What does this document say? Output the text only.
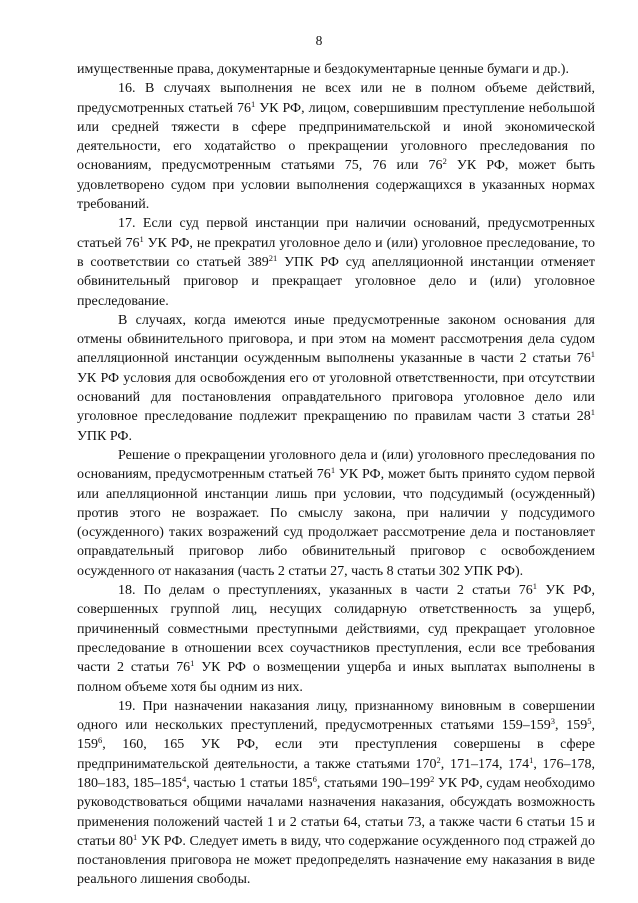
8

имущественные права, документарные и бездокументарные ценные бумаги и др.).

16. В случаях выполнения не всех или не в полном объеме действий, предусмотренных статьей $76^1$ УК РФ, лицом, совершившим преступление небольшой или средней тяжести в сфере предпринимательской и иной экономической деятельности, его ходатайство о прекращении уголовного преследования по основаниям, предусмотренным статьями 75, 76 или $76^2$ УК РФ, может быть удовлетворено судом при условии выполнения содержащихся в указанных нормах требований.

17. Если суд первой инстанции при наличии оснований, предусмотренных статьей $76^1$ УК РФ, не прекратил уголовное дело и (или) уголовное преследование, то в соответствии со статьей $389^{21}$ УПК РФ суд апелляционной инстанции отменяет обвинительный приговор и прекращает уголовное дело и (или) уголовное преследование.

В случаях, когда имеются иные предусмотренные законом основания для отмены обвинительного приговора, и при этом на момент рассмотрения дела судом апелляционной инстанции осужденным выполнены указанные в части 2 статьи $76^1$ УК РФ условия для освобождения его от уголовной ответственности, при отсутствии оснований для постановления оправдательного приговора уголовное дело или уголовное преследование подлежит прекращению по правилам части 3 статьи $28^1$ УПК РФ.

Решение о прекращении уголовного дела и (или) уголовного преследования по основаниям, предусмотренным статьей $76^1$ УК РФ, может быть принято судом первой или апелляционной инстанции лишь при условии, что подсудимый (осужденный) против этого не возражает. По смыслу закона, при наличии у подсудимого (осужденного) таких возражений суд продолжает рассмотрение дела и постановляет оправдательный приговор либо обвинительный приговор с освобождением осужденного от наказания (часть 2 статьи 27, часть 8 статьи 302 УПК РФ).

18. По делам о преступлениях, указанных в части 2 статьи $76^1$ УК РФ, совершенных группой лиц, несущих солидарную ответственность за ущерб, причиненный совместными преступными действиями, суд прекращает уголовное преследование в отношении всех соучастников преступления, если все требования части 2 статьи $76^1$ УК РФ о возмещении ущерба и иных выплатах выполнены в полном объеме хотя бы одним из них.

19. При назначении наказания лицу, признанному виновным в совершении одного или нескольких преступлений, предусмотренных статьями $159-159^3$, $159^5$, $159^6$, 160, 165 УК РФ, если эти преступления совершены в сфере предпринимательской деятельности, а также статьями $170^2$, 171–174, $174^1$, 176–178, 180–183, $185-185^4$, частью 1 статьи $185^6$, статьями $190-199^2$ УК РФ, судам необходимо руководствоваться общими началами назначения наказания, обсуждать возможность применения положений частей 1 и 2 статьи 64, статьи 73, а также части 6 статьи 15 и статьи $80^1$ УК РФ. Следует иметь в виду, что содержание осужденного под стражей до постановления приговора не может предопределять назначение ему наказания в виде реального лишения свободы.
